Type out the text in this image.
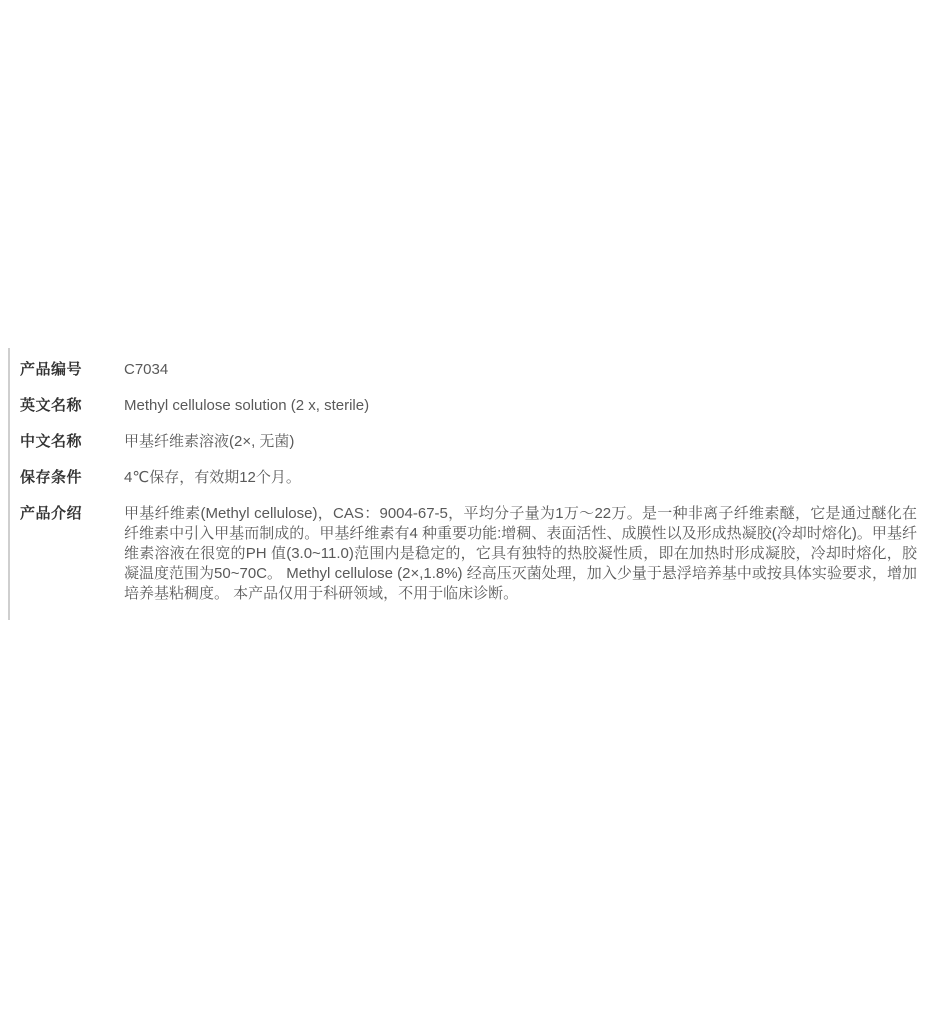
产品编号	C7034
英文名称	Methyl cellulose solution (2 x, sterile)
中文名称	甲基纤维素溶液(2×, 无菌)
保存条件	4℃保存，有效期12个月。
产品介绍	甲基纤维素(Methyl cellulose)，CAS：9004-67-5，平均分子量为1万～22万。是一种非离子纤维素醚，它是通过醚化在纤维素中引入甲基而制成的。甲基纤维素有4 种重要功能:增稠、表面活性、成膜性以及形成热凝胶(冷却时熔化)。甲基纤维素溶液在很宽的PH 值(3.0~11.0)范围内是稳定的，它具有独特的热胶凝性质，即在加热时形成凝胶，冷却时熔化，胶凝温度范围为50~70C。 Methyl cellulose (2×,1.8%) 经高压灭菌处理，加入少量于悬浮培养基中或按具体实验要求，增加培养基粘稠度。 本产品仅用于科研领域，不用于临床诊断。
